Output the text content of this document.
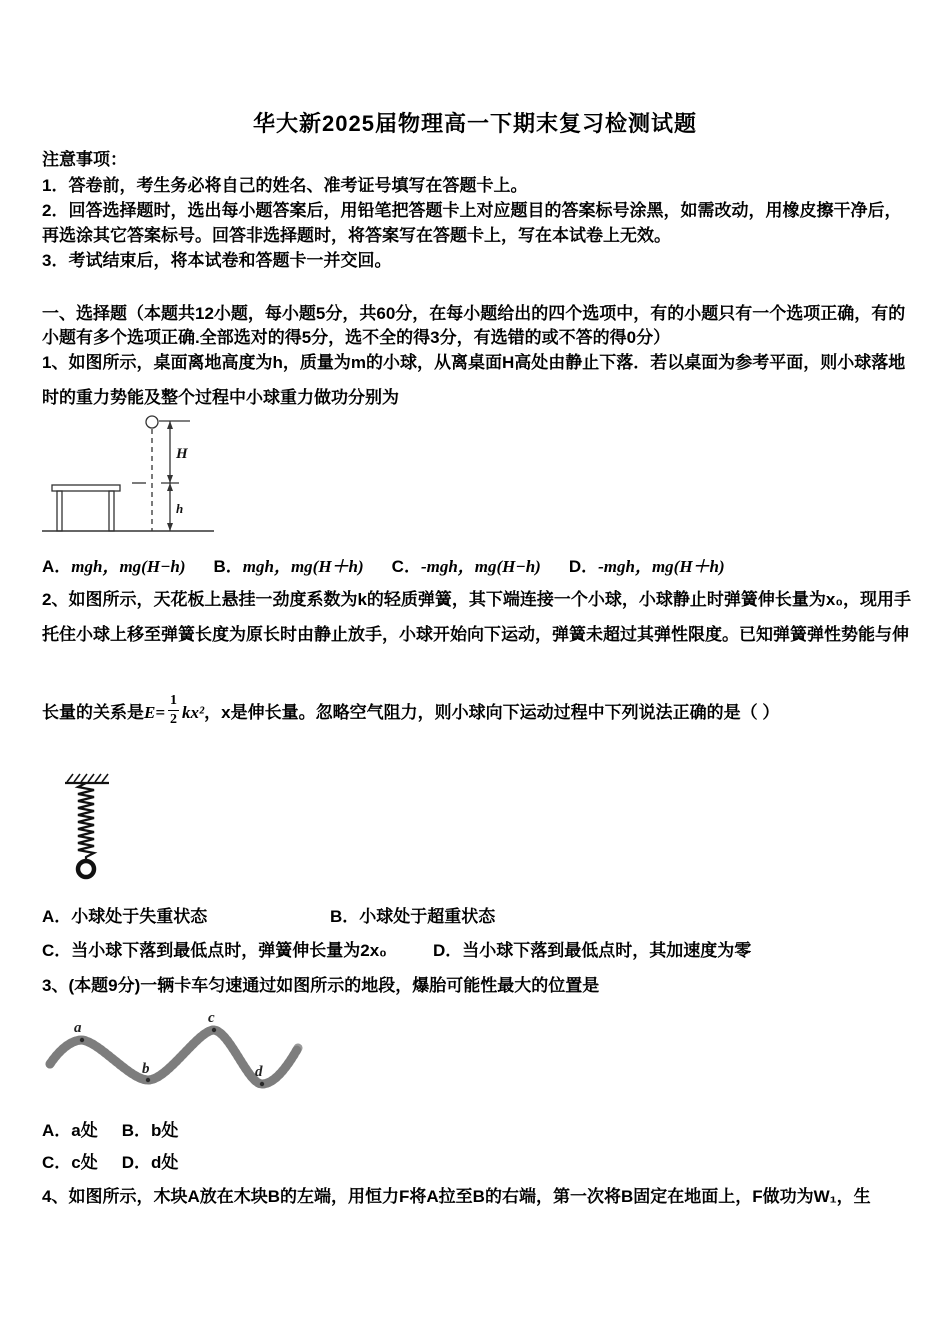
华大新2025届物理高一下期末复习检测试题
注意事项：
1．答卷前，考生务必将自己的姓名、准考证号填写在答题卡上。
2．回答选择题时，选出每小题答案后，用铅笔把答题卡上对应题目的答案标号涂黑，如需改动，用橡皮擦干净后，
再选涂其它答案标号。回答非选择题时，将答案写在答题卡上，写在本试卷上无效。
3．考试结束后，将本试卷和答题卡一并交回。
一、选择题（本题共12小题，每小题5分，共60分，在每小题给出的四个选项中，有的小题只有一个选项正确，有的
小题有多个选项正确.全部选对的得5分，选不全的得3分，有选错的或不答的得0分）
1、如图所示，桌面离地高度为h，质量为m的小球，从离桌面H高处由静止下落．若以桌面为参考平面，则小球落地
时的重力势能及整个过程中小球重力做功分别为
H
h
A．mgh，mg(H−h) B．mgh，mg(H＋h) C．-mgh，mg(H−h) D．-mgh，mg(H＋h)
2、如图所示，天花板上悬挂一劲度系数为k的轻质弹簧，其下端连接一个小球，小球静止时弹簧伸长量为x₀，现用手
托住小球上移至弹簧长度为原长时由静止放手，小球开始向下运动，弹簧未超过其弹性限度。已知弹簧弹性势能与伸
长量的关系是 $E= \frac{1}{2} kx^2$ ，x是伸长量。忽略空气阻力，则小球向下运动过程中下列说法正确的是（ ）
A．小球处于失重状态	B．小球处于超重状态
C．当小球下落到最低点时，弹簧伸长量为2x₀	D．当小球下落到最低点时，其加速度为零
3、(本题9分)一辆卡车匀速通过如图所示的地段，爆胎可能性最大的位置是
a
b
c
d
A．a处 B．b处
C．c处 D．d处
4、如图所示，木块A放在木块B的左端，用恒力F将A拉至B的右端，第一次将B固定在地面上，F做功为W₁，生
